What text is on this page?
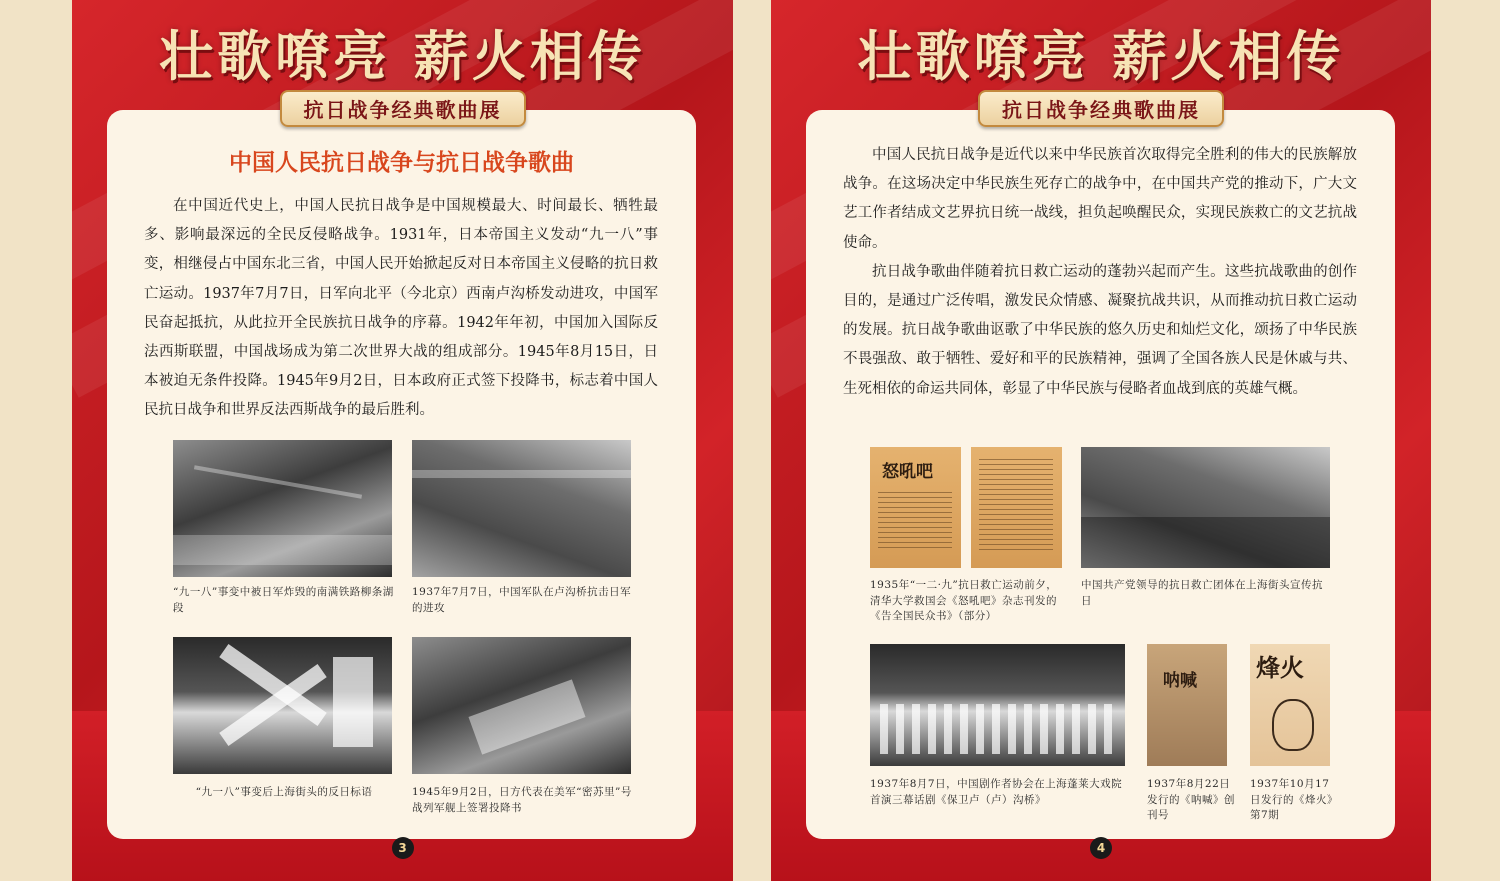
壮歌嘹亮 薪火相传
抗日战争经典歌曲展
中国人民抗日战争与抗日战争歌曲

在中国近代史上，中国人民抗日战争是中国规模最大、时间最长、牺牲最多、影响最深远的全民反侵略战争。1931年，日本帝国主义发动“九一八”事变，相继侵占中国东北三省，中国人民开始掀起反对日本帝国主义侵略的抗日救亡运动。1937年7月7日，日军向北平（今北京）西南卢沟桥发动进攻，中国军民奋起抵抗，从此拉开全民族抗日战争的序幕。1942年年初，中国加入国际反法西斯联盟，中国战场成为第二次世界大战的组成部分。1945年8月15日，日本被迫无条件投降。1945年9月2日，日本政府正式签下投降书，标志着中国人民抗日战争和世界反法西斯战争的最后胜利。

“九一八”事变中被日军炸毁的南满铁路柳条湖段
1937年7月7日，中国军队在卢沟桥抗击日军的进攻
“九一八”事变后上海街头的反日标语	1945年9月2日，日方代表在美军“密苏里”号战列军舰上签署投降书
3
壮歌嘹亮 薪火相传
抗日战争经典歌曲展

中国人民抗日战争是近代以来中华民族首次取得完全胜利的伟大的民族解放战争。在这场决定中华民族生死存亡的战争中，在中国共产党的推动下，广大文艺工作者结成文艺界抗日统一战线，担负起唤醒民众，实现民族救亡的文艺抗战使命。

抗日战争歌曲伴随着抗日救亡运动的蓬勃兴起而产生。这些抗战歌曲的创作目的，是通过广泛传唱，激发民众情感、凝聚抗战共识，从而推动抗日救亡运动的发展。抗日战争歌曲讴歌了中华民族的悠久历史和灿烂文化，颂扬了中华民族不畏强敌、敢于牺牲、爱好和平的民族精神，强调了全国各族人民是休戚与共、生死相依的命运共同体，彰显了中华民族与侵略者血战到底的英雄气概。

怒吼吧
1935年“一二·九”抗日救亡运动前夕，清华大学救国会《怒吼吧》杂志刊发的《告全国民众书》（部分）
中国共产党领导的抗日救亡团体在上海街头宣传抗日
1937年8月7日，中国剧作者协会在上海蓬莱大戏院首演三幕话剧《保卫卢（卢）沟桥》
呐喊
1937年8月22日发行的《呐喊》创刊号
烽火
1937年10月17日发行的《烽火》第7期
4
